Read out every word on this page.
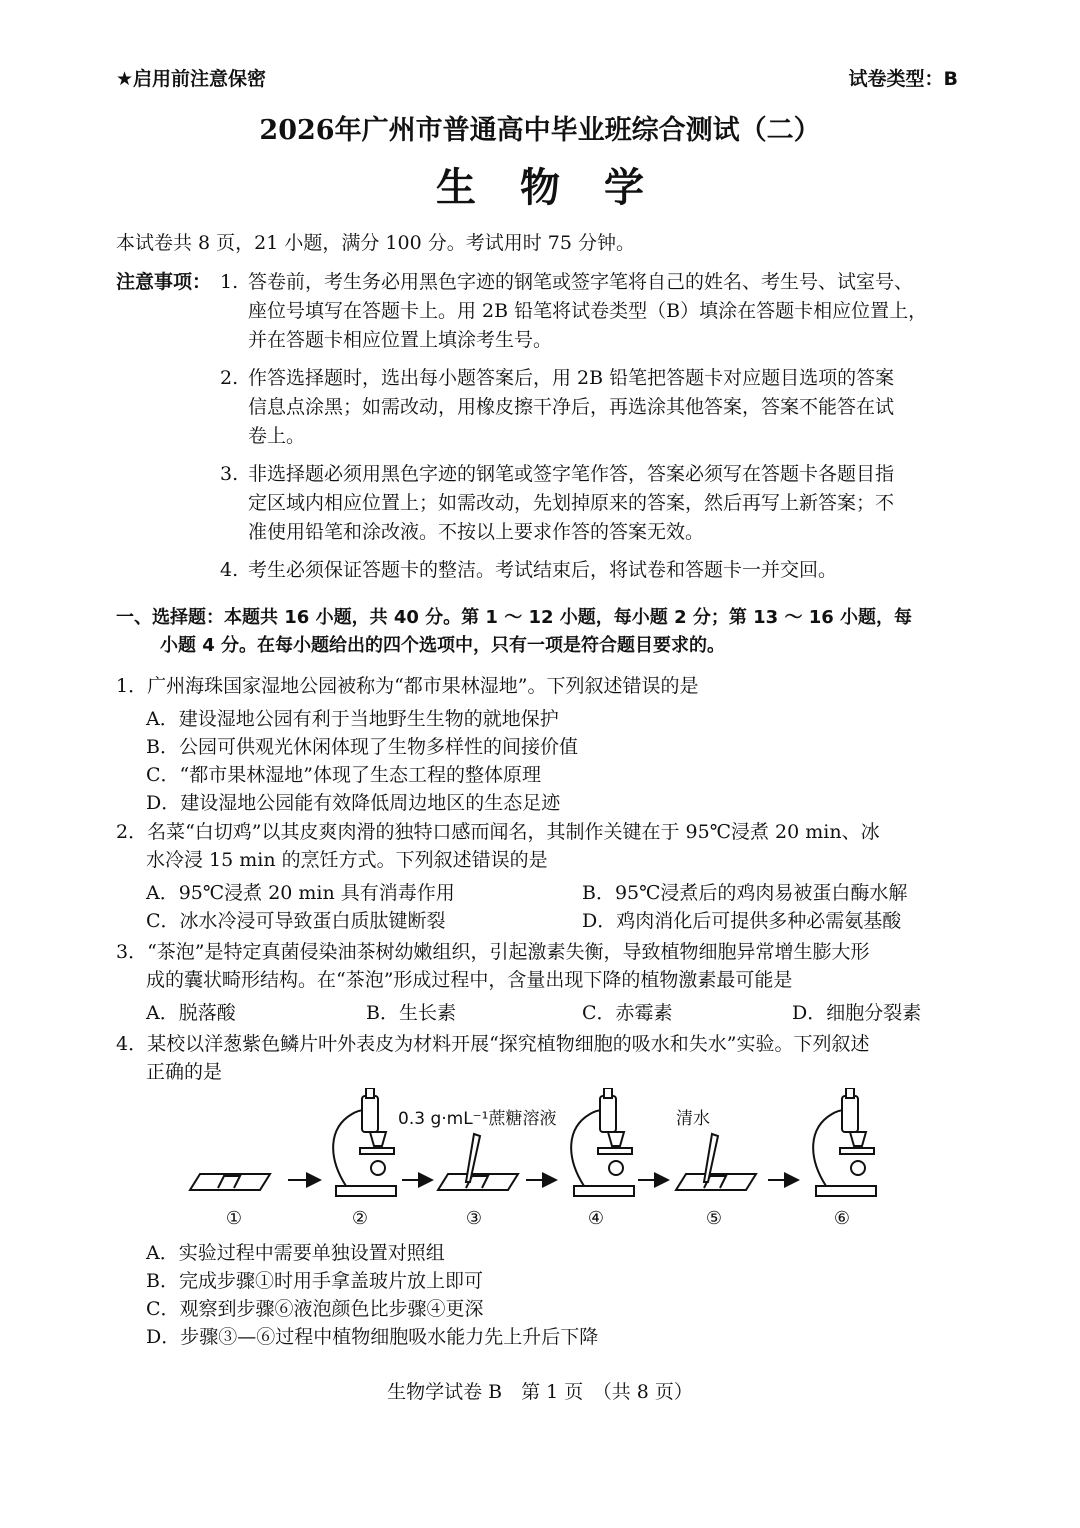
★启用前注意保密	试卷类型：B
2026年广州市普通高中毕业班综合测试（二）
生物学
本试卷共 8 页，21 小题，满分 100 分。考试用时 75 分钟。
注意事项： 1. 答卷前，考生务必用黑色字迹的钢笔或签字笔将自己的姓名、考生号、试室号、
座位号填写在答题卡上。用 2B 铅笔将试卷类型（B）填涂在答题卡相应位置上，
并在答题卡相应位置上填涂考生号。
2. 作答选择题时，选出每小题答案后，用 2B 铅笔把答题卡对应题目选项的答案
信息点涂黑；如需改动，用橡皮擦干净后，再选涂其他答案，答案不能答在试
卷上。
3. 非选择题必须用黑色字迹的钢笔或签字笔作答，答案必须写在答题卡各题目指
定区域内相应位置上；如需改动，先划掉原来的答案，然后再写上新答案；不
准使用铅笔和涂改液。不按以上要求作答的答案无效。
4. 考生必须保证答题卡的整洁。考试结束后，将试卷和答题卡一并交回。
一、选择题：本题共 16 小题，共 40 分。第 1 ～ 12 小题，每小题 2 分；第 13 ～ 16 小题，每
小题 4 分。在每小题给出的四个选项中，只有一项是符合题目要求的。
1．广州海珠国家湿地公园被称为“都市果林湿地”。下列叙述错误的是
A．建设湿地公园有利于当地野生生物的就地保护
B．公园可供观光休闲体现了生物多样性的间接价值
C．“都市果林湿地”体现了生态工程的整体原理
D．建设湿地公园能有效降低周边地区的生态足迹
2．名菜“白切鸡”以其皮爽肉滑的独特口感而闻名，其制作关键在于 95℃浸煮 20 min、冰
水冷浸 15 min 的烹饪方式。下列叙述错误的是
A．95℃浸煮 20 min 具有消毒作用	B．95℃浸煮后的鸡肉易被蛋白酶水解
C．冰水冷浸可导致蛋白质肽键断裂	D．鸡肉消化后可提供多种必需氨基酸
3．“茶泡”是特定真菌侵染油茶树幼嫩组织，引起激素失衡，导致植物细胞异常增生膨大形
成的囊状畸形结构。在“茶泡”形成过程中，含量出现下降的植物激素最可能是
A．脱落酸	B．生长素	C．赤霉素	D．细胞分裂素
4．某校以洋葱紫色鳞片叶外表皮为材料开展“探究植物细胞的吸水和失水”实验。下列叙述
正确的是
0.3 g·mL⁻¹蔗糖溶液	清水
①	②	③	④	⑤	⑥
A．实验过程中需要单独设置对照组
B．完成步骤①时用手拿盖玻片放上即可
C．观察到步骤⑥液泡颜色比步骤④更深
D．步骤③—⑥过程中植物细胞吸水能力先上升后下降
生物学试卷 B　第 1 页　（共 8 页）
